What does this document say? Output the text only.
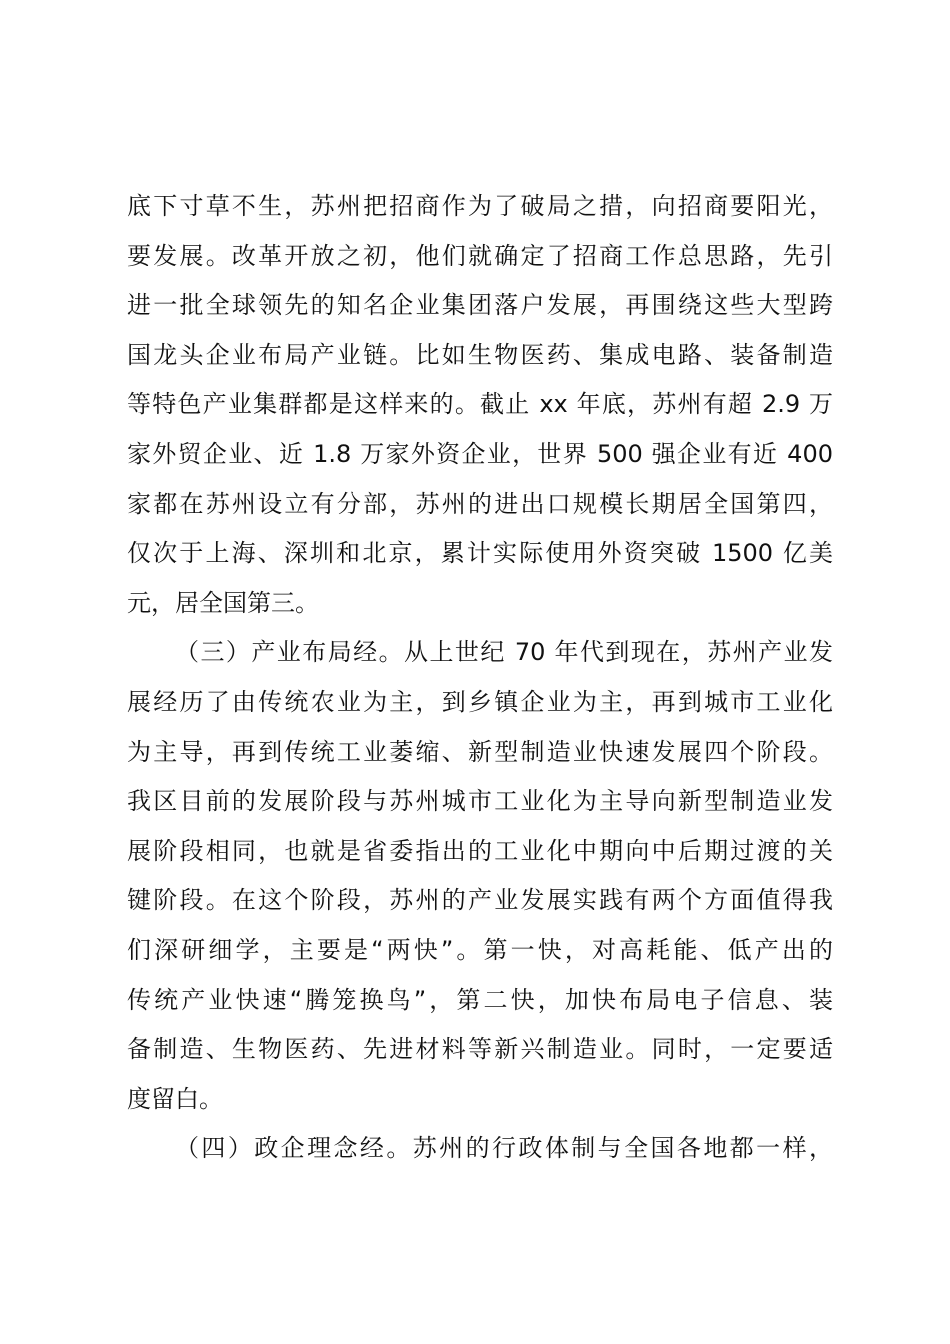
底下寸草不生，苏州把招商作为了破局之措，向招商要阳光，
要发展。改革开放之初，他们就确定了招商工作总思路，先引
进一批全球领先的知名企业集团落户发展，再围绕这些大型跨
国龙头企业布局产业链。比如生物医药、集成电路、装备制造
等特色产业集群都是这样来的。截止 xx 年底，苏州有超 2.9 万
家外贸企业、近 1.8 万家外资企业，世界 500 强企业有近 400
家都在苏州设立有分部，苏州的进出口规模长期居全国第四，
仅次于上海、深圳和北京，累计实际使用外资突破 1500 亿美
元，居全国第三。
（三）产业布局经。从上世纪 70 年代到现在，苏州产业发
展经历了由传统农业为主，到乡镇企业为主，再到城市工业化
为主导，再到传统工业萎缩、新型制造业快速发展四个阶段。
我区目前的发展阶段与苏州城市工业化为主导向新型制造业发
展阶段相同，也就是省委指出的工业化中期向中后期过渡的关
键阶段。在这个阶段，苏州的产业发展实践有两个方面值得我
们深研细学，主要是“两快”。第一快，对高耗能、低产出的
传统产业快速“腾笼换鸟”，第二快，加快布局电子信息、装
备制造、生物医药、先进材料等新兴制造业。同时，一定要适
度留白。
（四）政企理念经。苏州的行政体制与全国各地都一样，
